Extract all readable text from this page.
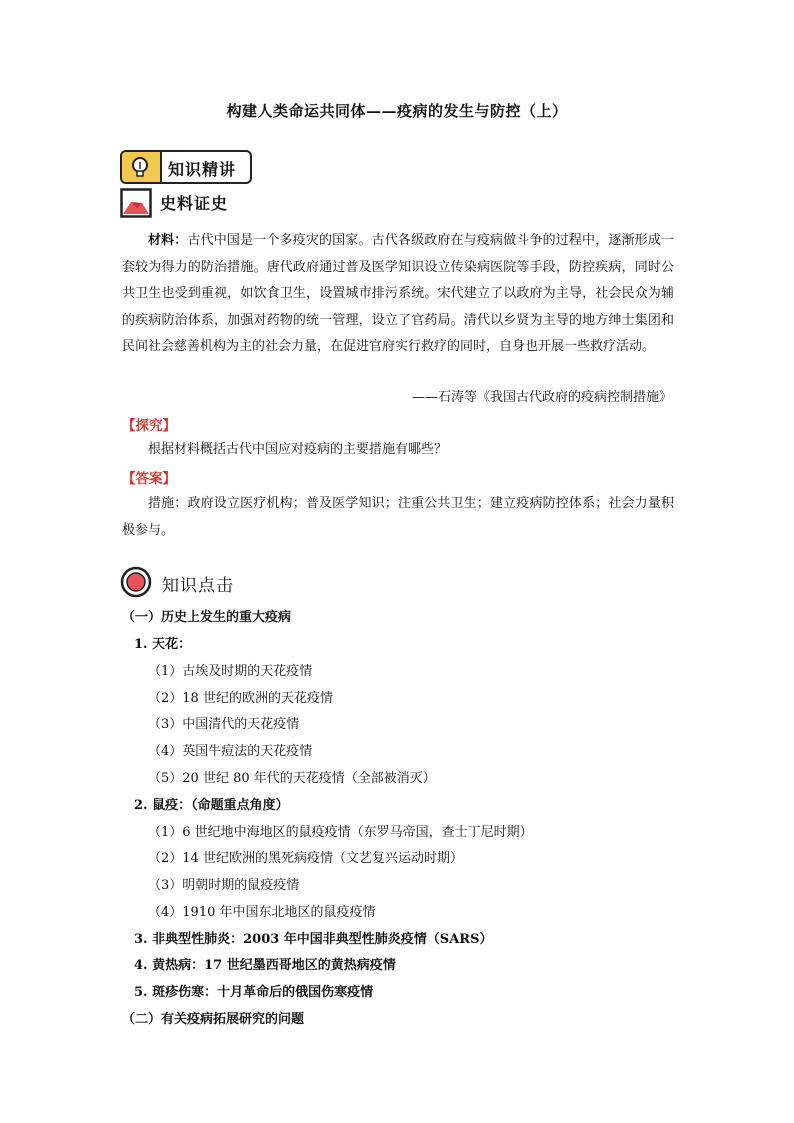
构建人类命运共同体——疫病的发生与防控（上）
知识精讲
史料证史
材料：古代中国是一个多疫灾的国家。古代各级政府在与疫病做斗争的过程中，逐渐形成一套较为得力的防治措施。唐代政府通过普及医学知识设立传染病医院等手段，防控疾病，同时公共卫生也受到重视，如饮食卫生，设置城市排污系统。宋代建立了以政府为主导，社会民众为辅的疾病防治体系，加强对药物的统一管理，设立了官药局。清代以乡贤为主导的地方绅士集团和民间社会慈善机构为主的社会力量，在促进官府实行救疗的同时，自身也开展一些救疗活动。
——石涛等《我国古代政府的疫病控制措施》
【探究】
根据材料概括古代中国应对疫病的主要措施有哪些？
【答案】
措施：政府设立医疗机构；普及医学知识；注重公共卫生；建立疫病防控体系；社会力量积极参与。
知识点击
（一）历史上发生的重大疫病
1. 天花：
（1）古埃及时期的天花疫情
（2）18 世纪的欧洲的天花疫情
（3）中国清代的天花疫情
（4）英国牛痘法的天花疫情
（5）20 世纪 80 年代的天花疫情（全部被消灭）
2. 鼠疫：（命题重点角度）
（1）6 世纪地中海地区的鼠疫疫情（东罗马帝国，查士丁尼时期）
（2）14 世纪欧洲的黑死病疫情（文艺复兴运动时期）
（3）明朝时期的鼠疫疫情
（4）1910 年中国东北地区的鼠疫疫情
3. 非典型性肺炎：2003 年中国非典型性肺炎疫情（SARS）
4. 黄热病：17 世纪墨西哥地区的黄热病疫情
5. 斑疹伤寒：十月革命后的俄国伤寒疫情
（二）有关疫病拓展研究的问题
